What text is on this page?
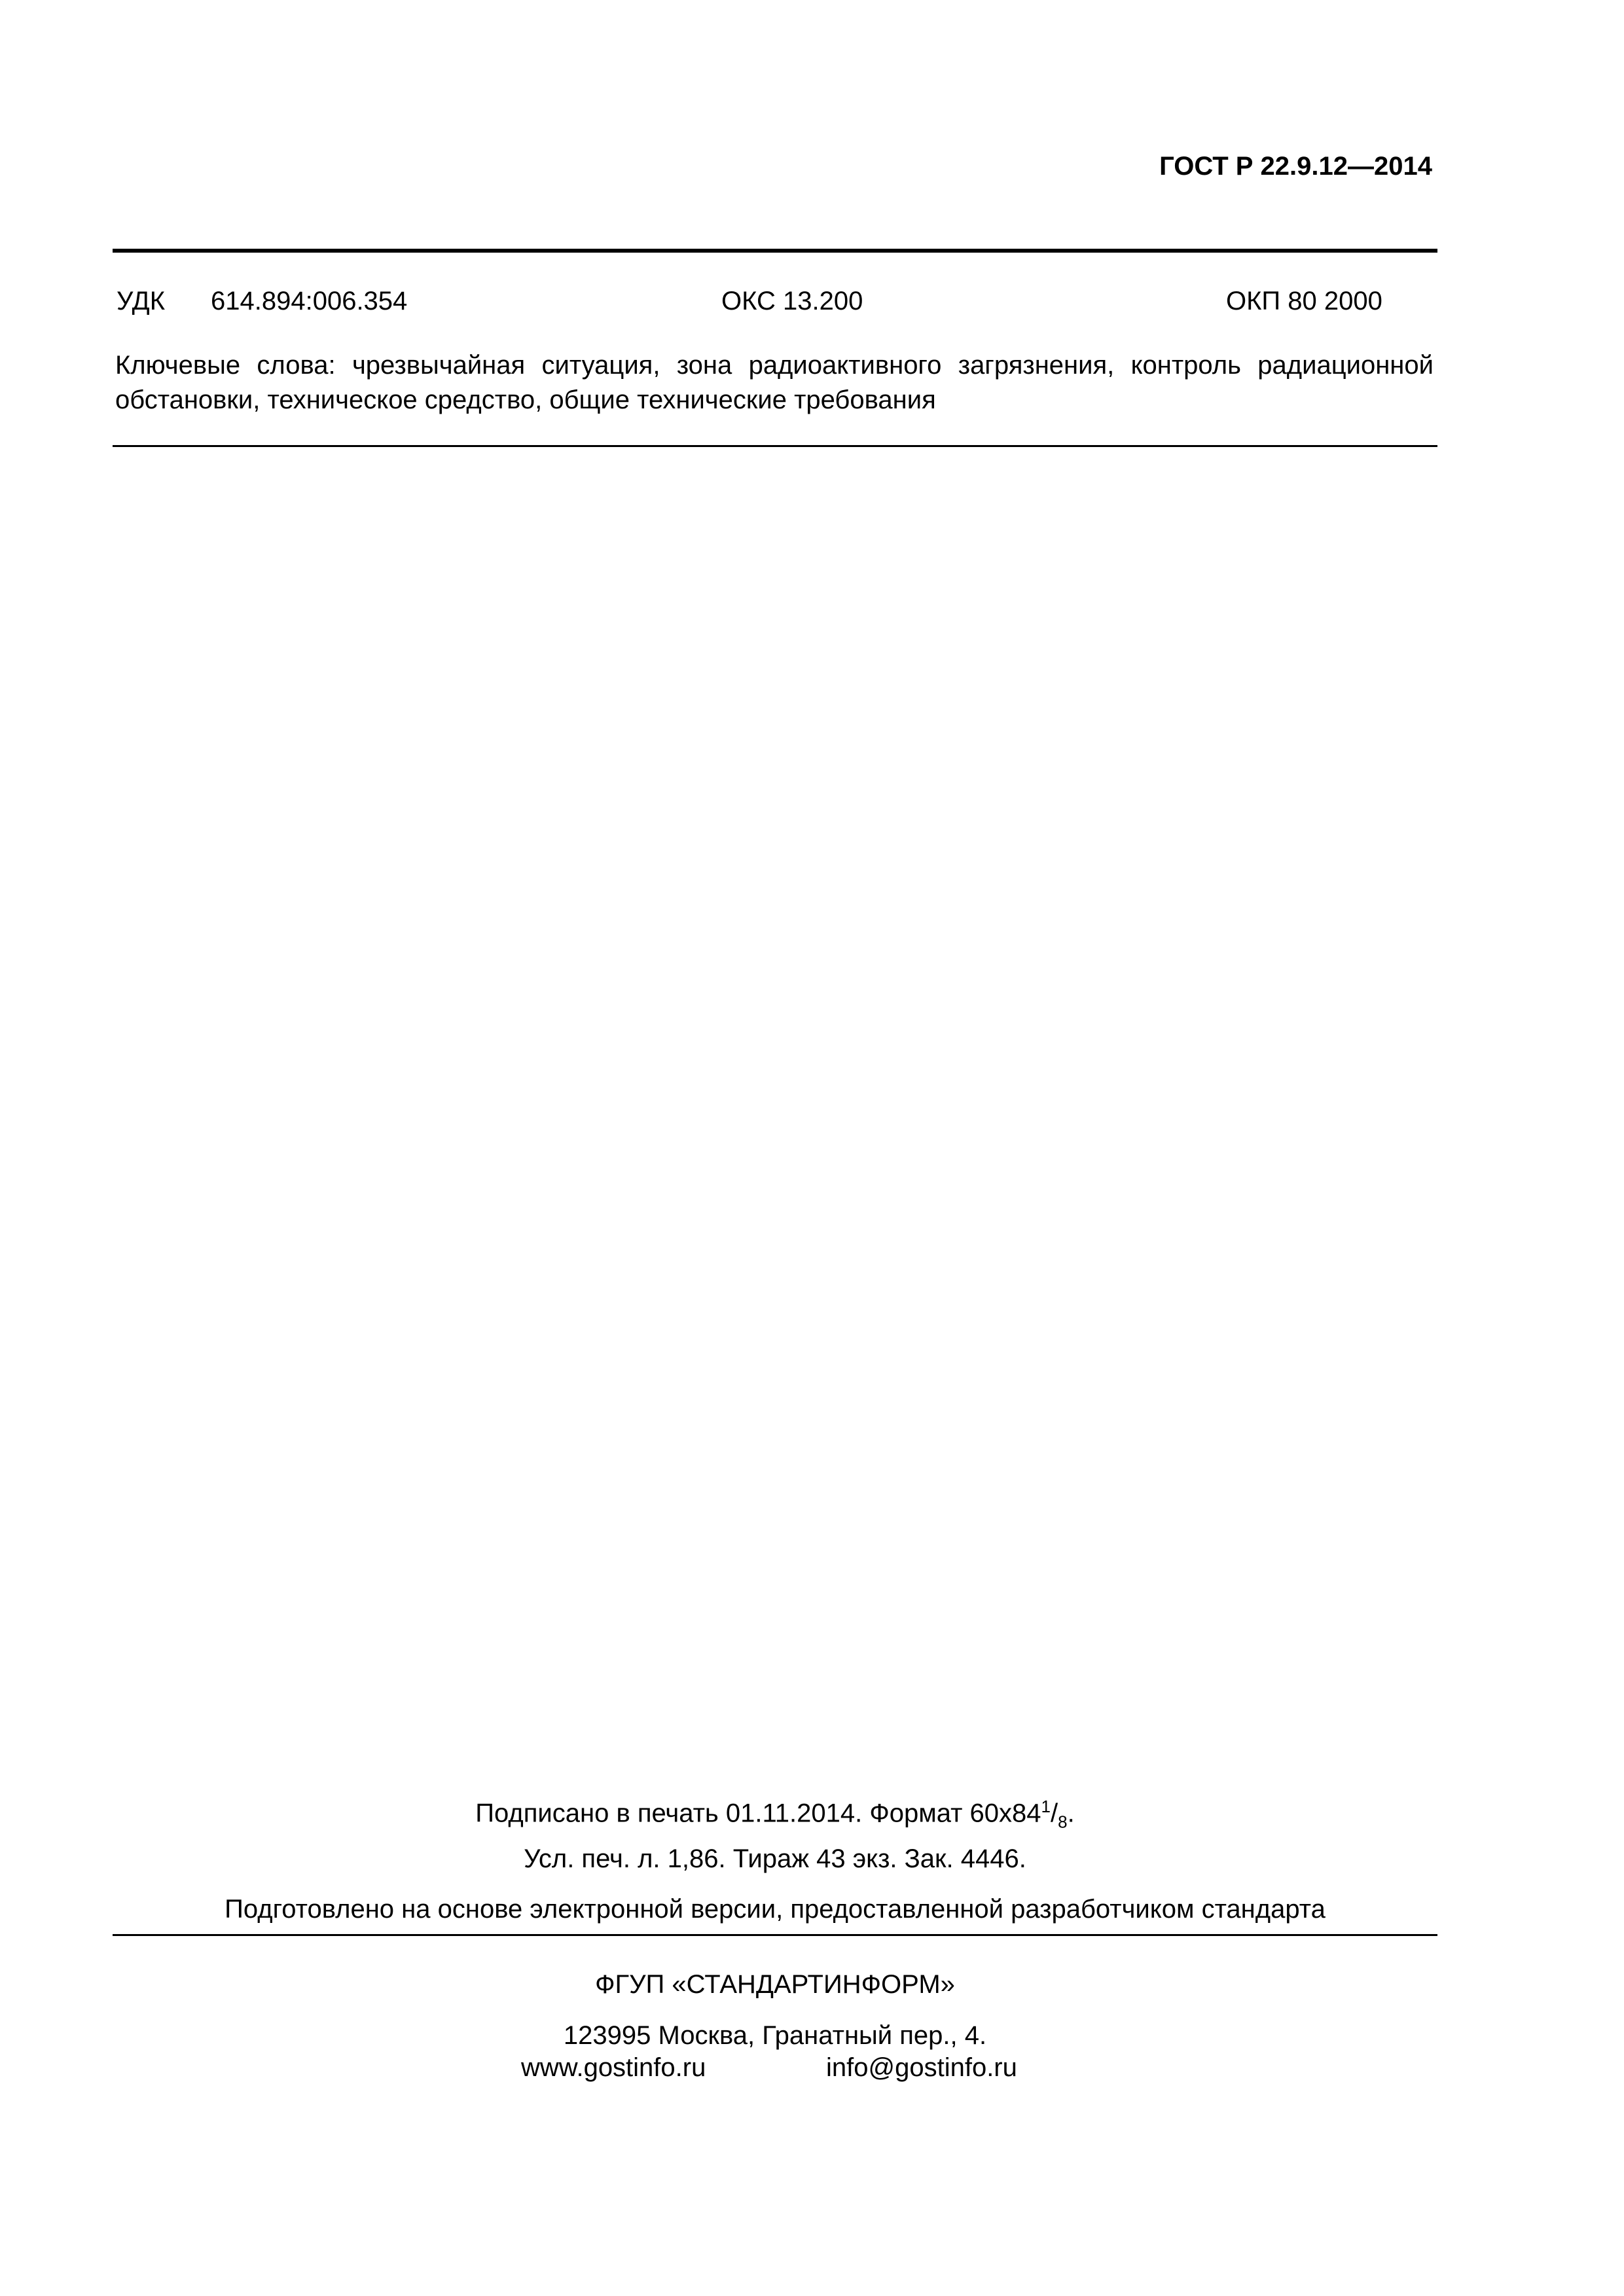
ГОСТ Р 22.9.12—2014
УДК 614.894:006.354	ОКС 13.200	ОКП 80 2000
Ключевые слова: чрезвычайная ситуация, зона радиоактивного загрязнения, контроль радиационной обстановки, техническое средство, общие технические требования
Подписано в печать 01.11.2014. Формат $60x84^1/_8$.
Усл. печ. л. 1,86. Тираж 43 экз. Зак. 4446.
Подготовлено на основе электронной версии, предоставленной разработчиком стандарта
ФГУП «СТАНДАРТИНФОРМ»
123995 Москва, Гранатный пер., 4.
www.gostinfo.ru	info@gostinfo.ru
